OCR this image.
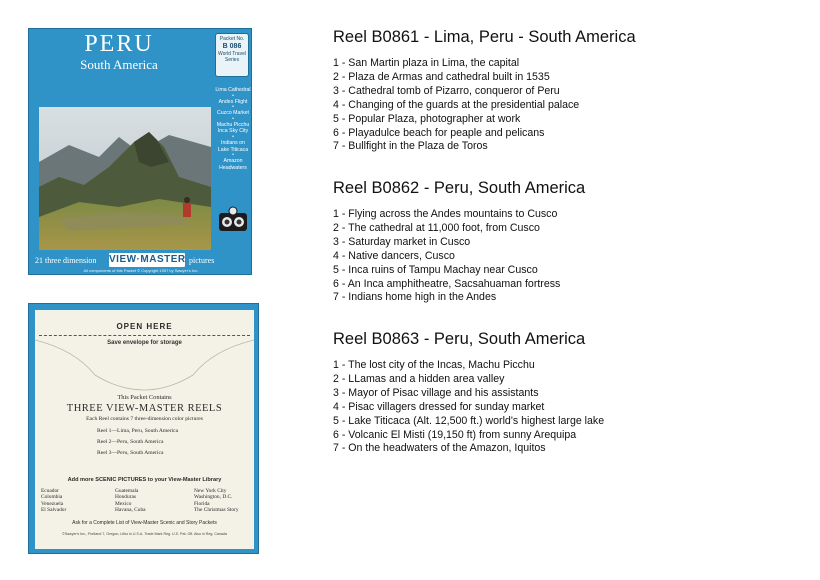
PERU
South America
Packet No.
B 086
World Travel Series
Lima Cathedral
•
Andes Flight
•
Cuzco Market
•
Machu Picchu Inca Sky City
•
Indians on Lake Titicaca
•
Amazon Headwaters
21 three dimension VIEW·MASTER pictures
All components of this Packet © Copyright 1957 by Sawyer's Inc.
OPEN HERE
Save envelope for storage
This Packet Contains
THREE VIEW-MASTER REELS
Each Reel contains 7 three-dimension color pictures
Reel 1—Lima, Peru, South America
Reel 2—Peru, South America
Reel 3—Peru, South America
Add more SCENIC PICTURES to your View-Master Library
Ecuador
Colombia
Venezuela
El Salvador
Guatemala
Honduras
Mexico
Havana, Cuba
New York City
Washington, D.C.
Florida
The Christmas Story
Ask for a Complete List of View-Master Scenic and Story Packets
©Sawyer's Inc., Portland 7, Oregon, Litho in U.S.A. Trade Mark Reg. U.S. Pat. Off. Also in Reg. Canada
Reel B0861 - Lima, Peru - South America
1 - San Martin plaza in Lima, the capital
2 - Plaza de Armas and cathedral built in 1535
3 - Cathedral tomb of Pizarro, conqueror of Peru
4 - Changing of the guards at the presidential palace
5 - Popular Plaza, photographer at work
6 - Playadulce beach for peaple and pelicans
7 - Bullfight in the Plaza de Toros
Reel B0862 - Peru, South America
1 - Flying across the Andes mountains to Cusco
2 - The cathedral at 11,000 foot, from Cusco
3 - Saturday market in Cusco
4 - Native dancers, Cusco
5 - Inca ruins of Tampu Machay near Cusco
6 - An Inca amphitheatre, Sacsahuaman fortress
7 - Indians home high in the Andes
Reel B0863 - Peru, South America
1 - The lost city of the Incas, Machu Picchu
2 - LLamas and a hidden area valley
3 - Mayor of Pisac village and his assistants
4 - Pisac villagers dressed for sunday market
5 - Lake Titicaca (Alt. 12,500 ft.) world's highest large lake
6 - Volcanic El Misti (19,150 ft) from sunny Arequipa
7 - On the headwaters of the Amazon, Iquitos
